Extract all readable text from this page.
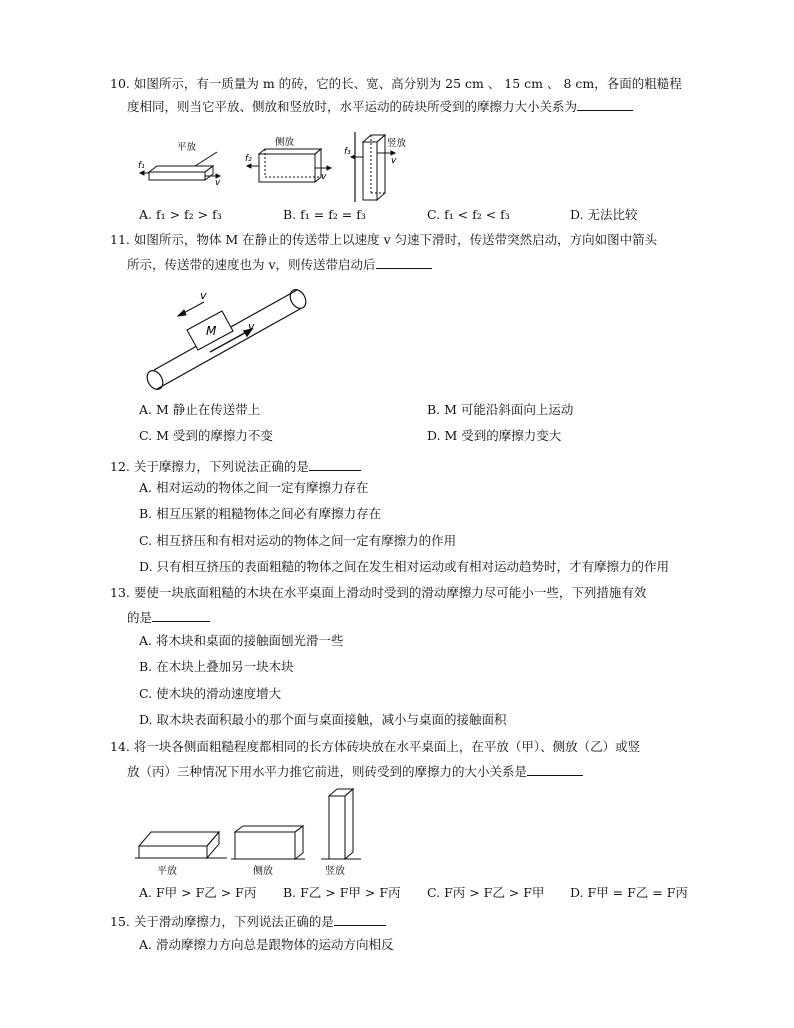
10. 如图所示，有一质量为 m 的砖，它的长、宽、高分别为 25 cm 、 15 cm 、 8 cm，各面的粗糙程
度相同，则当它平放、侧放和竖放时，水平运动的砖块所受到的摩擦力大小关系为
平放
f₁
v
侧放
f₂
v
竖放
f₃
v
A. f₁ > f₂ > f₃	B. f₁ = f₂ = f₃	C. f₁ < f₂ < f₃	D. 无法比较
11. 如图所示，物体 M 在静止的传送带上以速度 v 匀速下滑时，传送带突然启动，方向如图中箭头
所示，传送带的速度也为 v，则传送带启动后
M
v
v
A. M 静止在传送带上	B. M 可能沿斜面向上运动
C. M 受到的摩擦力不变	D. M 受到的摩擦力变大
12. 关于摩擦力，下列说法正确的是
A. 相对运动的物体之间一定有摩擦力存在
B. 相互压紧的粗糙物体之间必有摩擦力存在
C. 相互挤压和有相对运动的物体之间一定有摩擦力的作用
D. 只有相互挤压的表面粗糙的物体之间在发生相对运动或有相对运动趋势时，才有摩擦力的作用
13. 要使一块底面粗糙的木块在水平桌面上滑动时受到的滑动摩擦力尽可能小一些，下列措施有效
的是
A. 将木块和桌面的接触面刨光滑一些
B. 在木块上叠加另一块木块
C. 使木块的滑动速度增大
D. 取木块表面积最小的那个面与桌面接触，减小与桌面的接触面积
14. 将一块各侧面粗糙程度都相同的长方体砖块放在水平桌面上，在平放（甲）、侧放（乙）或竖
放（丙）三种情况下用水平力推它前进，则砖受到的摩擦力的大小关系是
平放	侧放	竖放
A. F甲 > F乙 > F丙 B. F乙 > F甲 > F丙 C. F丙 > F乙 > F甲 D. F甲 = F乙 = F丙
15. 关于滑动摩擦力，下列说法正确的是
A. 滑动摩擦力方向总是跟物体的运动方向相反
